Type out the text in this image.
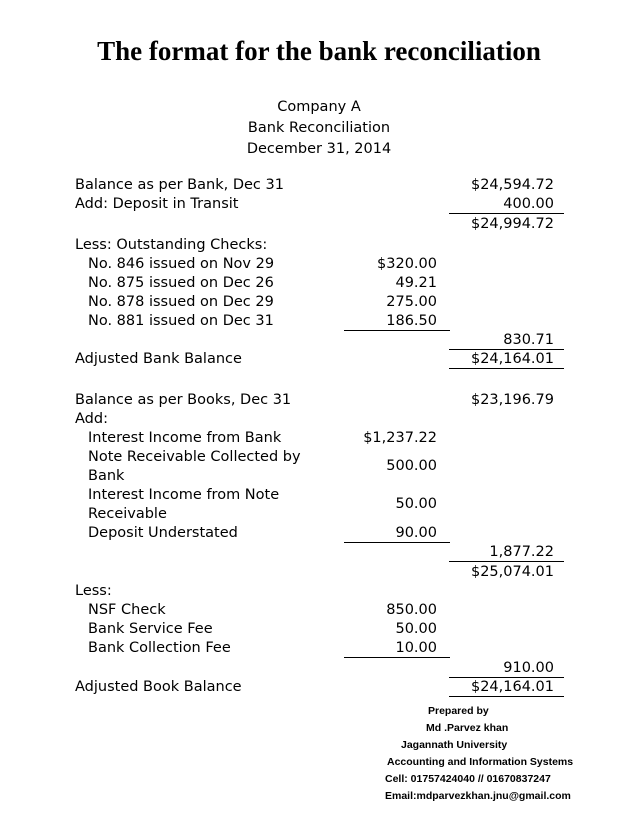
The format for the bank reconciliation
Company A
Bank Reconciliation
December 31, 2014
Balance as per Bank, Dec 31	$24,594.72
Add: Deposit in Transit	400.00
$24,994.72
Less: Outstanding Checks:
No. 846 issued on Nov 29	$320.00
No. 875 issued on Dec 26	49.21
No. 878 issued on Dec 29	275.00
No. 881 issued on Dec 31	186.50
830.71
Adjusted Bank Balance	$24,164.01
Balance as per Books, Dec 31	$23,196.79
Add:
Interest Income from Bank	$1,237.22
Note Receivable Collected by Bank
500.00
Interest Income from Note Receivable
50.00
Deposit Understated	90.00
1,877.22
$25,074.01
Less:
NSF Check	850.00
Bank Service Fee	50.00
Bank Collection Fee	10.00
910.00
Adjusted Book Balance	$24,164.01
Prepared by
Md .Parvez khan
Jagannath University
Accounting and Information Systems
Cell: 01757424040 // 01670837247
Email:mdparvezkhan.jnu@gmail.com
